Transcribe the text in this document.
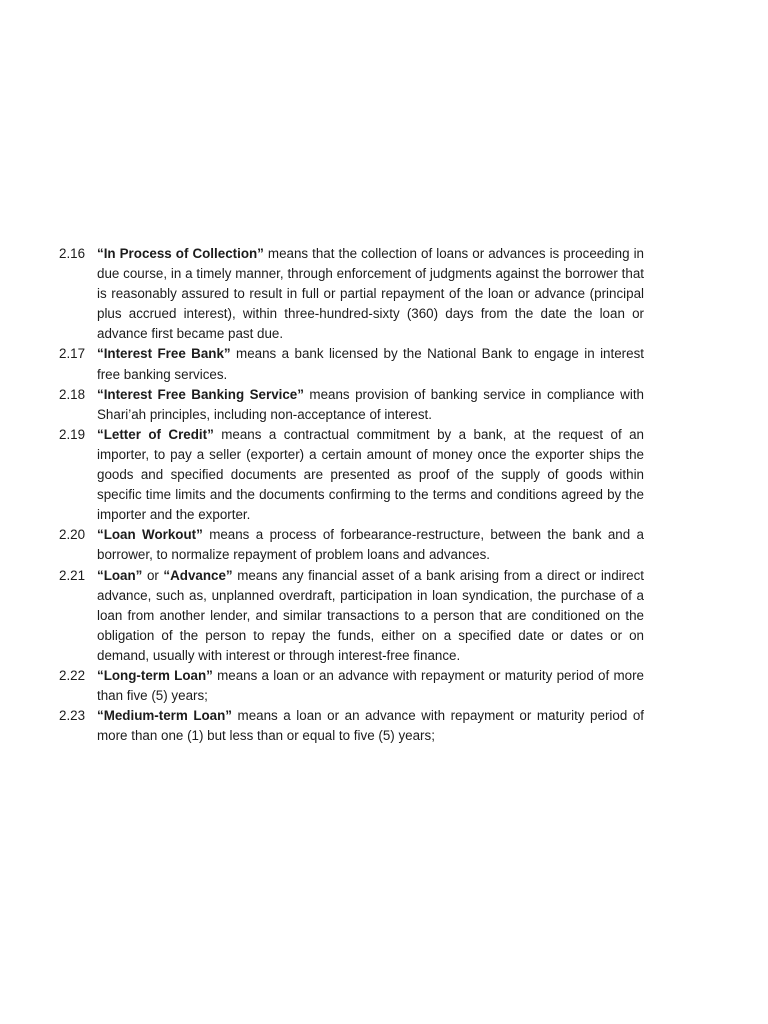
2.16 “In Process of Collection” means that the collection of loans or advances is proceeding in due course, in a timely manner, through enforcement of judgments against the borrower that is reasonably assured to result in full or partial repayment of the loan or advance (principal plus accrued interest), within three-hundred-sixty (360) days from the date the loan or advance first became past due.

2.17 “Interest Free Bank” means a bank licensed by the National Bank to engage in interest free banking services.

2.18 “Interest Free Banking Service” means provision of banking service in compliance with Shari’ah principles, including non-acceptance of interest.

2.19 “Letter of Credit” means a contractual commitment by a bank, at the request of an importer, to pay a seller (exporter) a certain amount of money once the exporter ships the goods and specified documents are presented as proof of the supply of goods within specific time limits and the documents confirming to the terms and conditions agreed by the importer and the exporter.

2.20 “Loan Workout” means a process of forbearance-restructure, between the bank and a borrower, to normalize repayment of problem loans and advances.

2.21 “Loan” or “Advance” means any financial asset of a bank arising from a direct or indirect advance, such as, unplanned overdraft, participation in loan syndication, the purchase of a loan from another lender, and similar transactions to a person that are conditioned on the obligation of the person to repay the funds, either on a specified date or dates or on demand, usually with interest or through interest-free finance.

2.22 “Long-term Loan” means a loan or an advance with repayment or maturity period of more than five (5) years;

2.23 “Medium-term Loan” means a loan or an advance with repayment or maturity period of more than one (1) but less than or equal to five (5) years;
